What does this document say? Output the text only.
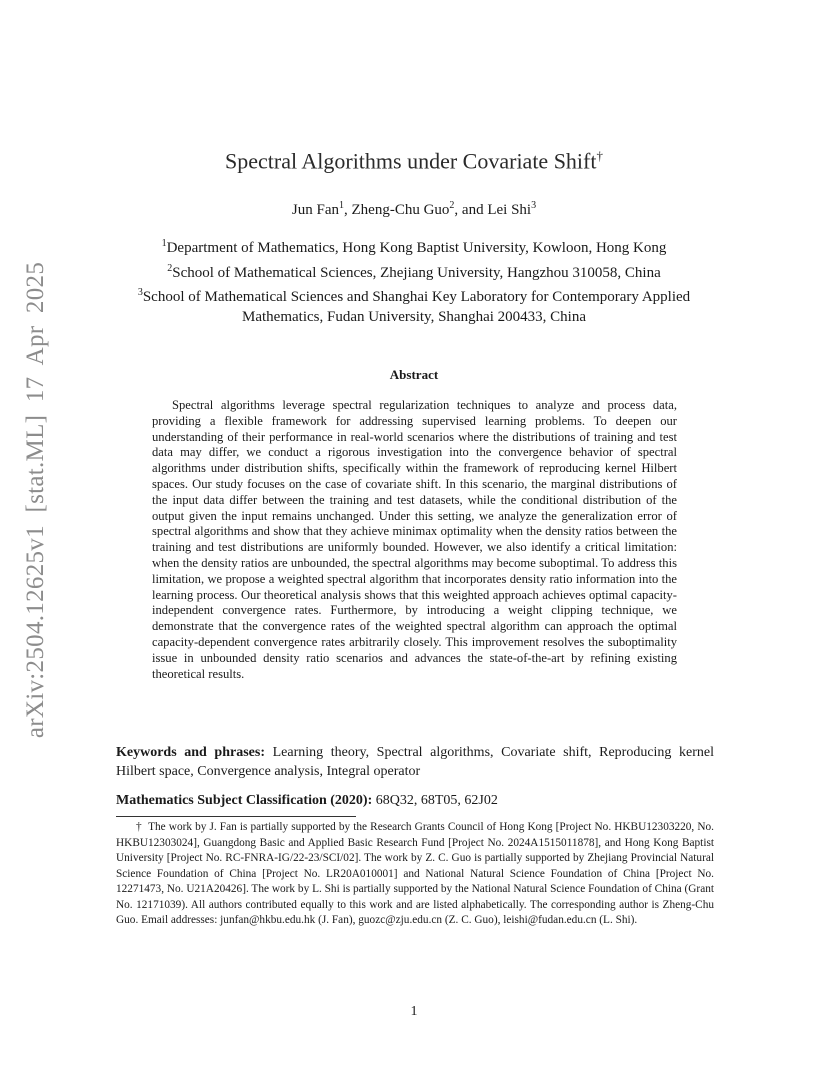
arXiv:2504.12625v1 [stat.ML] 17 Apr 2025
Spectral Algorithms under Covariate Shift†
Jun Fan$^1$, Zheng-Chu Guo$^2$, and Lei Shi$^3$
$^1$Department of Mathematics, Hong Kong Baptist University, Kowloon, Hong Kong
$^2$School of Mathematical Sciences, Zhejiang University, Hangzhou 310058, China
$^3$School of Mathematical Sciences and Shanghai Key Laboratory for Contemporary Applied Mathematics, Fudan University, Shanghai 200433, China
Abstract

Spectral algorithms leverage spectral regularization techniques to analyze and process data, providing a flexible framework for addressing supervised learning problems. To deepen our understanding of their performance in real-world scenarios where the distributions of training and test data may differ, we conduct a rigorous investigation into the convergence behavior of spectral algorithms under distribution shifts, specifically within the framework of reproducing kernel Hilbert spaces. Our study focuses on the case of covariate shift. In this scenario, the marginal distributions of the input data differ between the training and test datasets, while the conditional distribution of the output given the input remains unchanged. Under this setting, we analyze the generalization error of spectral algorithms and show that they achieve minimax optimality when the density ratios between the training and test distributions are uniformly bounded. However, we also identify a critical limitation: when the density ratios are unbounded, the spectral algorithms may become suboptimal. To address this limitation, we propose a weighted spectral algorithm that incorporates density ratio information into the learning process. Our theoretical analysis shows that this weighted approach achieves optimal capacity-independent convergence rates. Furthermore, by introducing a weight clipping technique, we demonstrate that the convergence rates of the weighted spectral algorithm can approach the optimal capacity-dependent convergence rates arbitrarily closely. This improvement resolves the suboptimality issue in unbounded density ratio scenarios and advances the state-of-the-art by refining existing theoretical results.

Keywords and phrases: Learning theory, Spectral algorithms, Covariate shift, Reproducing kernel Hilbert space, Convergence analysis, Integral operator

Mathematics Subject Classification (2020): 68Q32, 68T05, 62J02

† The work by J. Fan is partially supported by the Research Grants Council of Hong Kong [Project No. HKBU12303220, No. HKBU12303024], Guangdong Basic and Applied Basic Research Fund [Project No. 2024A1515011878], and Hong Kong Baptist University [Project No. RC-FNRA-IG/22-23/SCI/02]. The work by Z. C. Guo is partially supported by Zhejiang Provincial Natural Science Foundation of China [Project No. LR20A010001] and National Natural Science Foundation of China [Project No. 12271473, No. U21A20426]. The work by L. Shi is partially supported by the National Natural Science Foundation of China (Grant No. 12171039). All authors contributed equally to this work and are listed alphabetically. The corresponding author is Zheng-Chu Guo. Email addresses: junfan@hkbu.edu.hk (J. Fan), guozc@zju.edu.cn (Z. C. Guo), leishi@fudan.edu.cn (L. Shi).

1
